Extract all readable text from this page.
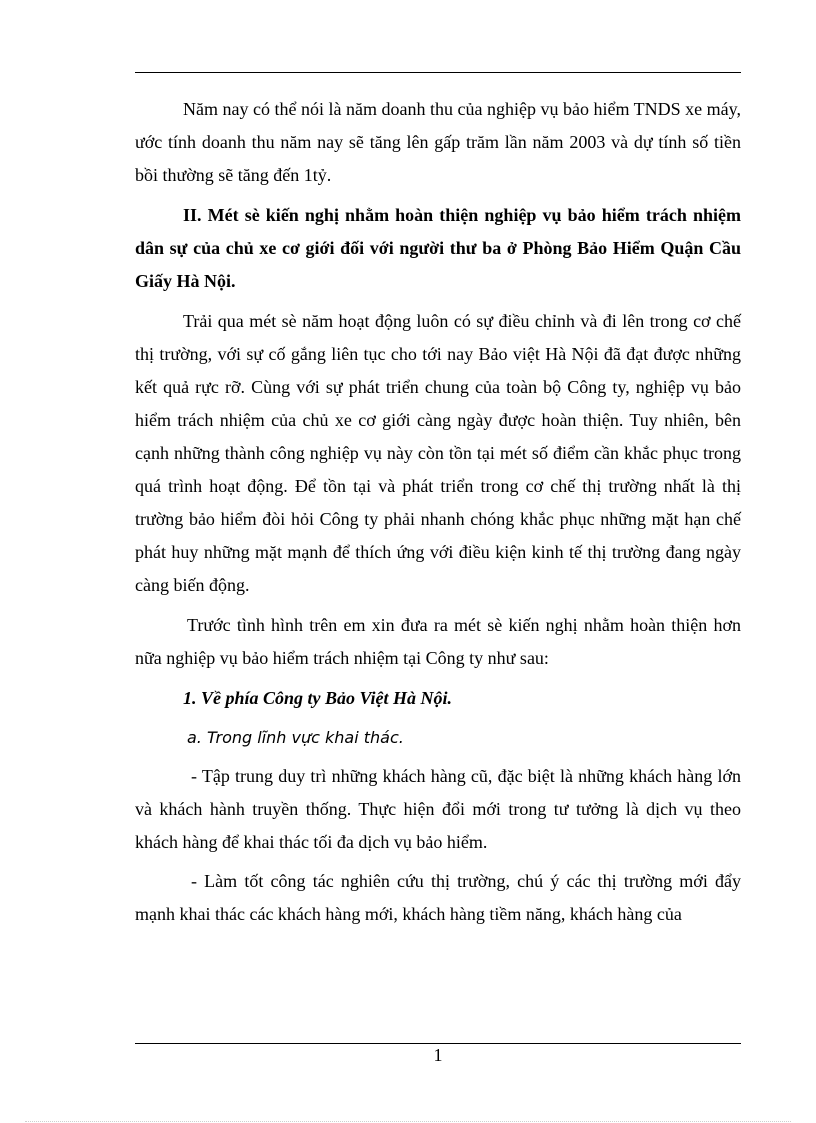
Năm nay có thể nói là năm doanh thu của nghiệp vụ bảo hiểm TNDS xe máy, ước tính doanh thu năm nay sẽ tăng lên gấp trăm lần năm 2003 và dự tính số tiền bồi thường sẽ tăng đến 1tỷ.

II. Mét sè kiến nghị nhằm hoàn thiện nghiệp vụ bảo hiểm trách nhiệm dân sự của chủ xe cơ giới đối với người thư ba ở Phòng Bảo Hiểm Quận Cầu Giấy Hà Nội.

Trải qua mét sè năm hoạt động luôn có sự điều chỉnh và đi lên trong cơ chế thị trường, với sự cố gắng liên tục cho tới nay Bảo việt Hà Nội đã đạt được những kết quả rực rỡ. Cùng với sự phát triển chung của toàn bộ Công ty, nghiệp vụ bảo hiểm trách nhiệm của chủ xe cơ giới càng ngày được hoàn thiện. Tuy nhiên, bên cạnh những thành công nghiệp vụ này còn tồn tại mét số điểm cần khắc phục trong quá trình hoạt động. Để tồn tại và phát triển trong cơ chế thị trường nhất là thị trường bảo hiểm đòi hỏi Công ty phải nhanh chóng khắc phục những mặt hạn chế phát huy những mặt mạnh để thích ứng với điều kiện kinh tế thị trường đang ngày càng biến động.

Trước tình hình trên em xin đưa ra mét sè kiến nghị nhằm hoàn thiện hơn nữa nghiệp vụ bảo hiểm trách nhiệm tại Công ty như sau:

1. Về phía Công ty Bảo Việt Hà Nội.

a. Trong lĩnh vực khai thác.

- Tập trung duy trì những khách hàng cũ, đặc biệt là những khách hàng lớn và khách hành truyền thống. Thực hiện đổi mới trong tư tưởng là dịch vụ theo khách hàng để khai thác tối đa dịch vụ bảo hiểm.

- Làm tốt công tác nghiên cứu thị trường, chú ý các thị trường mới đẩy mạnh khai thác các khách hàng mới, khách hàng tiềm năng, khách hàng của

1
